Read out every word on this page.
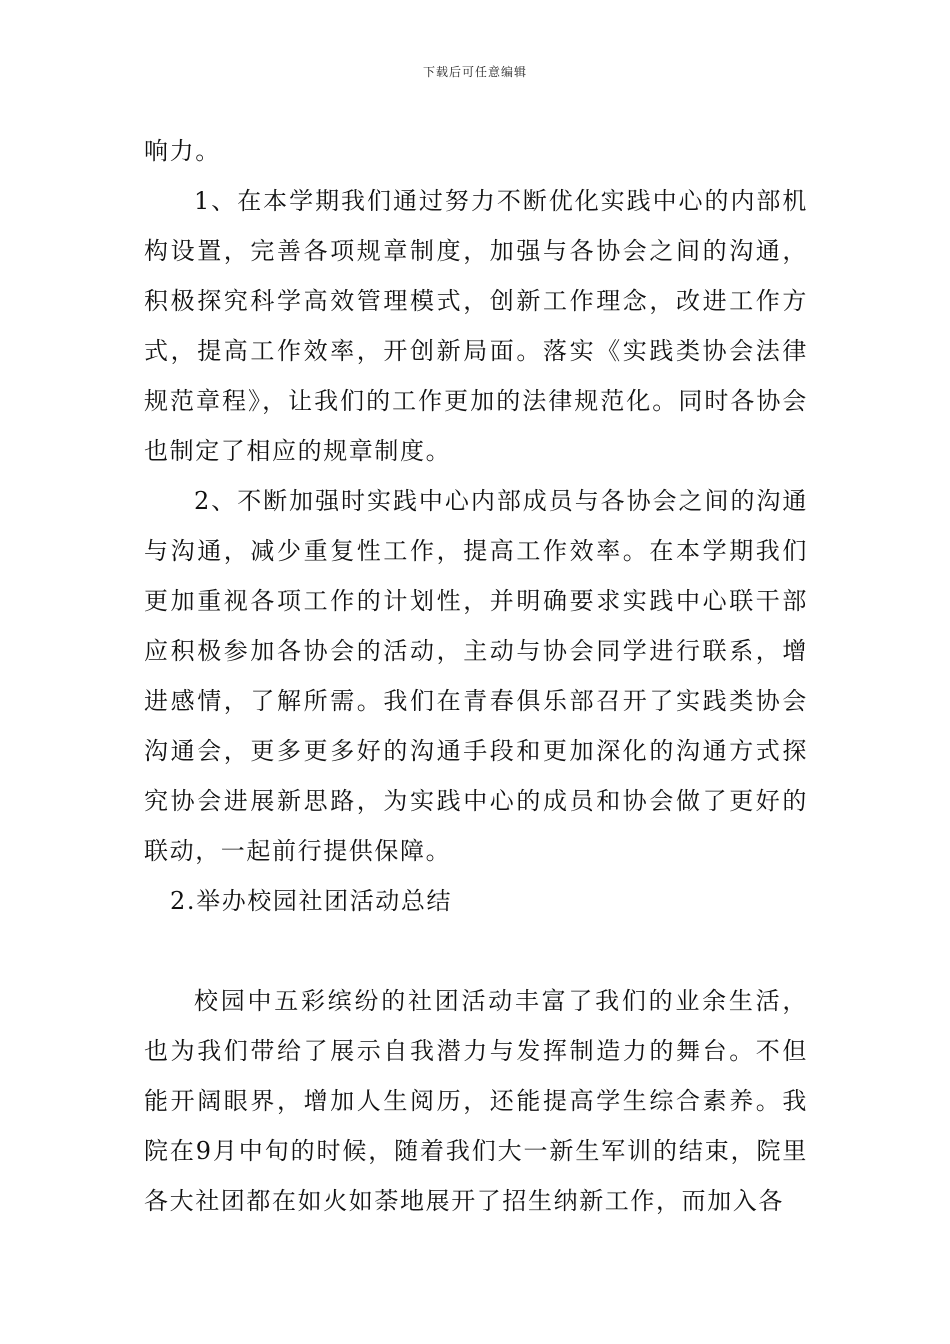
下载后可任意编辑

响力。

1、在本学期我们通过努力不断优化实践中心的内部机构设置，完善各项规章制度，加强与各协会之间的沟通，积极探究科学高效管理模式，创新工作理念，改进工作方式，提高工作效率，开创新局面。落实《实践类协会法律规范章程》，让我们的工作更加的法律规范化。同时各协会也制定了相应的规章制度。

2、不断加强时实践中心内部成员与各协会之间的沟通与沟通，减少重复性工作，提高工作效率。在本学期我们更加重视各项工作的计划性，并明确要求实践中心联干部应积极参加各协会的活动，主动与协会同学进行联系，增进感情，了解所需。我们在青春俱乐部召开了实践类协会沟通会，更多更多好的沟通手段和更加深化的沟通方式探究协会进展新思路，为实践中心的成员和协会做了更好的联动，一起前行提供保障。

2.举办校园社团活动总结

校园中五彩缤纷的社团活动丰富了我们的业余生活，也为我们带给了展示自我潜力与发挥制造力的舞台。不但能开阔眼界，增加人生阅历，还能提高学生综合素养。我院在9月中旬的时候，随着我们大一新生军训的结束，院里各大社团都在如火如荼地展开了招生纳新工作，而加入各
